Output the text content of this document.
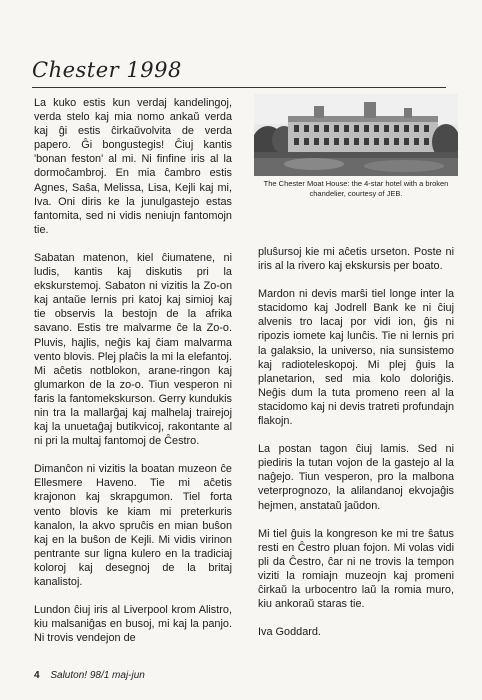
Chester 1998

La kuko estis kun verdaj kandelingoj, verda stelo kaj mia nomo ankaŭ verda kaj ĝi estis ĉirkaŭvolvita de verda papero. Ĝi bongustegis! Ĉiuj kantis 'bonan feston' al mi. Ni finfine iris al la dormoĉambroj. En mia ĉambro estis Agnes, Saŝa, Melissa, Lisa, Kejli kaj mi, Iva. Oni diris ke la junulgastejo estas fantomita, sed ni vidis neniujn fantomojn tie.

Sabatan matenon, kiel ĉiumatene, ni ludis, kantis kaj diskutis pri la ekskurstemoj. Sabaton ni vizitis la Zo-on kaj antaŭe lernis pri katoj kaj simioj kaj tie observis la bestojn de la afrika savano. Estis tre malvarme ĉe la Zo-o. Pluvis, hajlis, neĝis kaj ĉiam malvarma vento blovis. Plej plaĉis la mi la elefantoj. Mi aĉetis notblokon, arane-ringon kaj glumarkon de la zo-o. Tiun vesperon ni faris la fantomekskurson. Gerry kundukis nin tra la mallarĝaj kaj malhelaj trairejoj kaj la unuetaĝaj butikvicoj, rakontante al ni pri la multaj fantomoj de Ĉestro.

Dimanĉon ni vizitis la boatan muzeon ĉe Ellesmere Haveno. Tie mi aĉetis krajonon kaj skrapgumon. Tiel forta vento blovis ke kiam mi preterkuris kanalon, la akvo spruĉis en mian buŝon kaj en la buŝon de Kejli. Mi vidis virinon pentrante sur ligna kulero en la tradiciaj koloroj kaj desegnoj de la britaj kanalistoj.

Lundon ĉiuj iris al Liverpool krom Alistro, kiu malsaniĝas en busoj, mi kaj la panjo. Ni trovis vendejon de

The Chester Moat House: the 4-star hotel with a broken chandelier, courtesy of JEB.

pluŝursoj kie mi aĉetis urseton. Poste ni iris al la rivero kaj ekskursis per boato.

Mardon ni devis marŝi tiel longe inter la stacidomo kaj Jodrell Bank ke ni ĉiuj alvenis tro lacaj por vidi ion, ĝis ni ripozis iomete kaj lunĉis. Tie ni lernis pri la galaksio, la universo, nia sunsistemo kaj radioteleskopoj. Mi plej ĝuis la planetarion, sed mia kolo doloriĝis. Neĝis dum la tuta promeno reen al la stacidomo kaj ni devis tratreti profundajn flakojn.

La postan tagon ĉiuj lamis. Sed ni piediris la tutan vojon de la gastejo al la naĝejo. Tiun vesperon, pro la malbona veterprognozo, la alilandanoj ekvojaĝis hejmen, anstataŭ ĵaŭdon.

Mi tiel ĝuis la kongreson ke mi tre ŝatus resti en Ĉestro pluan fojon. Mi volas vidi pli da Ĉestro, ĉar ni ne trovis la tempon viziti la romiajn muzeojn kaj promeni ĉirkaŭ la urbocentro laŭ la romia muro, kiu ankoraŭ staras tie.

Iva Goddard.

4 Saluton! 98/1 maj-jun
